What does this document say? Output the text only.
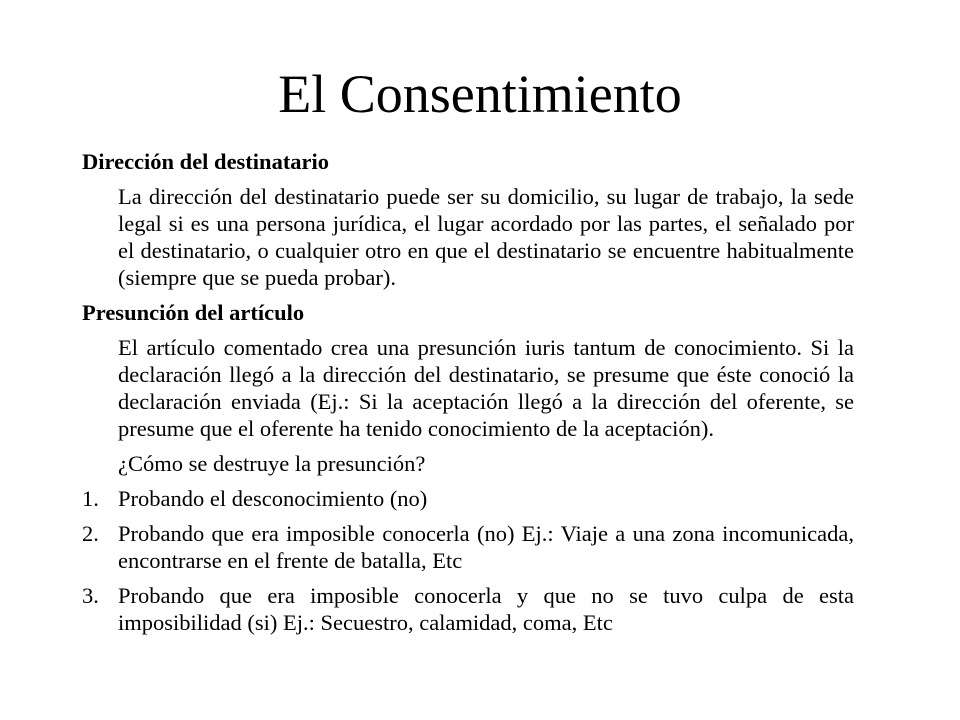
El Consentimiento
Dirección del destinatario
La dirección del destinatario puede ser su domicilio, su lugar de trabajo, la sede legal si es una persona jurídica, el lugar acordado por las partes, el señalado por el destinatario, o cualquier otro en que el destinatario se encuentre habitualmente (siempre que se pueda probar).
Presunción del artículo
El artículo comentado crea una presunción iuris tantum de conocimiento. Si la declaración llegó a la dirección del destinatario, se presume que éste conoció la declaración enviada (Ej.: Si la aceptación llegó a la dirección del oferente, se presume que el oferente ha tenido conocimiento de la aceptación).
¿Cómo se destruye la presunción?
1. Probando el desconocimiento (no)
2. Probando que era imposible conocerla (no) Ej.: Viaje a una zona incomunicada, encontrarse en el frente de batalla, Etc
3. Probando que era imposible conocerla y que no se tuvo culpa de esta imposibilidad (si) Ej.: Secuestro, calamidad, coma, Etc
